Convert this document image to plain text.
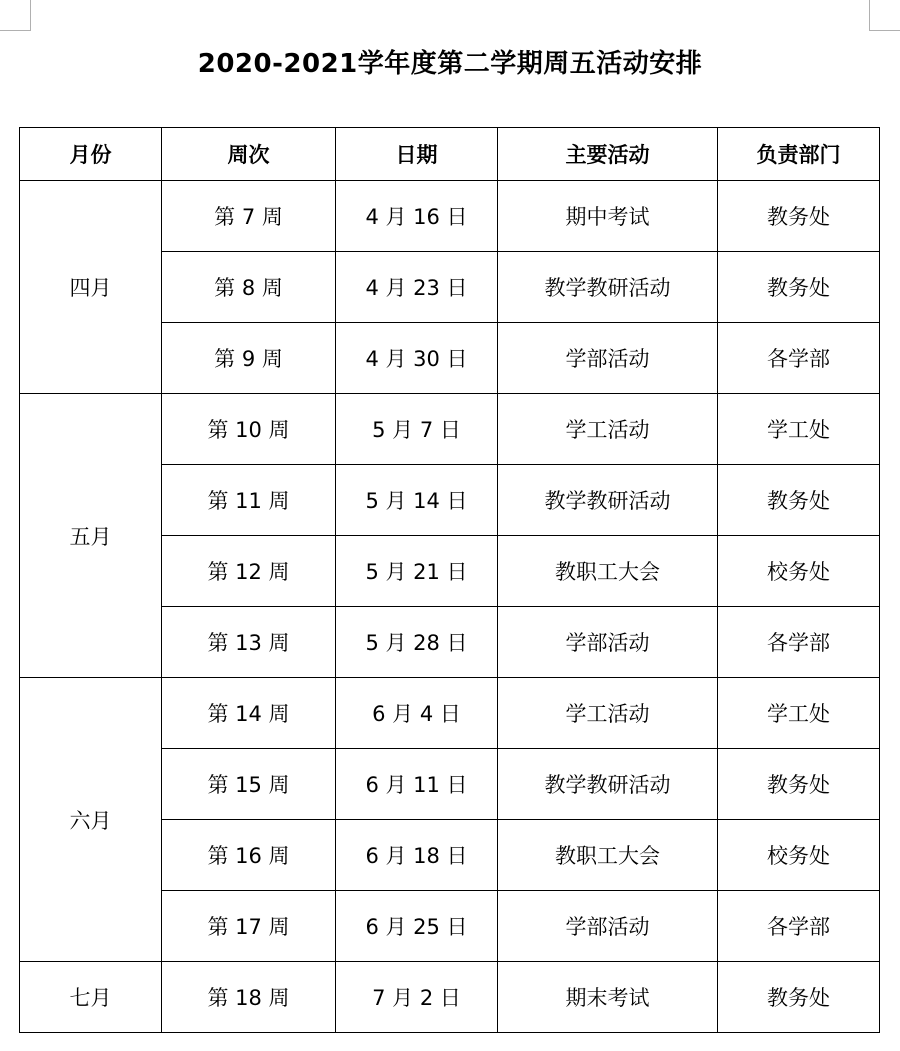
2020-2021学年度第二学期周五活动安排
月份	周次	日期	主要活动	负责部门
四月	第 7 周	4 月 16 日	期中考试	教务处
	第 8 周	4 月 23 日	教学教研活动	教务处
	第 9 周	4 月 30 日	学部活动	各学部
五月	第 10 周	5 月 7 日	学工活动	学工处
	第 11 周	5 月 14 日	教学教研活动	教务处
	第 12 周	5 月 21 日	教职工大会	校务处
	第 13 周	5 月 28 日	学部活动	各学部
六月	第 14 周	6 月 4 日	学工活动	学工处
	第 15 周	6 月 11 日	教学教研活动	教务处
	第 16 周	6 月 18 日	教职工大会	校务处
	第 17 周	6 月 25 日	学部活动	各学部
七月	第 18 周	7 月 2 日	期末考试	教务处
